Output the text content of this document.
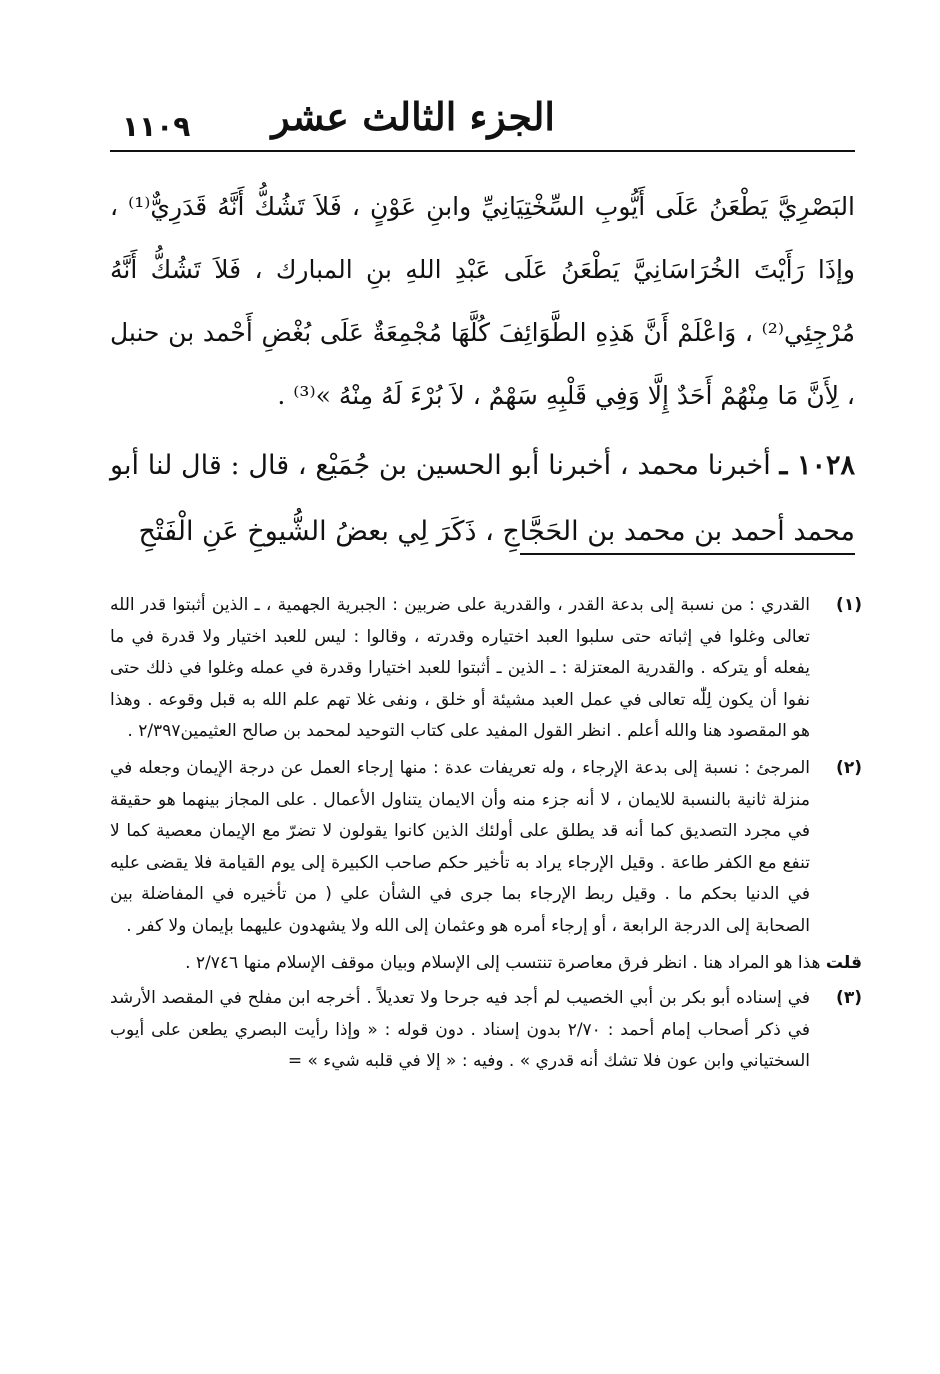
الجزء الثالث عشر
١١٠٩

البَصْرِيَّ يَطْعَنُ عَلَى أَيُّوبِ السِّخْتِيَانِيِّ وابنِ عَوْنٍ ، فَلاَ تَشُكُّ أَنَّهُ قَدَرِيٌّ⁽¹⁾ ، وإذَا رَأَيْتَ الخُرَاسَانِيَّ يَطْعَنُ عَلَى عَبْدِ اللهِ بنِ المبارك ، فَلاَ تَشُكُّ أَنَّهُ مُرْجِئِي⁽²⁾ ، وَاعْلَمْ أَنَّ هَذِهِ الطَّوَائِفَ كُلَّهَا مُجْمِعَةٌ عَلَى بُغْضِ أَحْمد بن حنبل ، لِأَنَّ مَا مِنْهُمْ أَحَدٌ إِلَّا وَفِي قَلْبِهِ سَهْمٌ ، لاَ بُرْءَ لَهُ مِنْهُ »⁽³⁾ .

١٠٢٨ ـ أخبرنا محمد ، أخبرنا أبو الحسين بن جُمَيْع ، قال : قال لنا أبو محمد أحمد بن محمد بن الحَجَّاجِ ، ذَكَرَ لِي بعضُ الشُّيوخِ عَنِ الْفَتْحِ

(١)
القدري : من نسبة إلى بدعة القدر ، والقدرية على ضربين : الجبرية الجهمية ، ـ الذين أثبتوا قدر الله تعالى وغلوا في إثباته حتى سلبوا العبد اختياره وقدرته ، وقالوا : ليس للعبد اختيار ولا قدرة في ما يفعله أو يتركه . والقدرية المعتزلة : ـ الذين ـ أثبتوا للعبد اختيارا وقدرة في عمله وغلوا في ذلك حتى نفوا أن يكون لِلّٰه تعالى في عمل العبد مشيئة أو خلق ، ونفى غلا تهم علم الله به قبل وقوعه . وهذا هو المقصود هنا والله أعلم . انظر القول المفيد على كتاب التوحيد لمحمد بن صالح العثيمين٢/٣٩٧ .
(٢)
المرجئ : نسبة إلى بدعة الإرجاء ، وله تعريفات عدة : منها إرجاء العمل عن درجة الإيمان وجعله في منزلة ثانية بالنسبة للايمان ، لا أنه جزء منه وأن الايمان يتناول الأعمال . على المجاز بينهما هو حقيقة في مجرد التصديق كما أنه قد يطلق على أولئك الذين كانوا يقولون لا تضرّ مع الإيمان معصية كما لا تنفع مع الكفر طاعة . وقيل الإرجاء يراد به تأخير حكم صاحب الكبيرة إلى يوم القيامة فلا يقضى عليه في الدنيا بحكم ما . وقيل ربط الإرجاء بما جرى في الشأن علي ( من تأخيره في المفاضلة بين الصحابة إلى الدرجة الرابعة ، أو إرجاء أمره هو وعثمان إلى الله ولا يشهدون عليهما بإيمان ولا كفر .
قلت هذا هو المراد هنا . انظر فرق معاصرة تنتسب إلى الإسلام وبيان موقف الإسلام منها ٢/٧٤٦ .
(٣)
في إسناده أبو بكر بن أبي الخصيب لم أجد فيه جرحا ولا تعديلاً . أخرجه ابن مفلح في المقصد الأرشد في ذكر أصحاب إمام أحمد : ٢/٧٠ بدون إسناد . دون قوله : « وإذا رأيت البصري يطعن على أيوب السختياني وابن عون فلا تشك أنه قدري » . وفيه : « إلا في قلبه شيء » =
